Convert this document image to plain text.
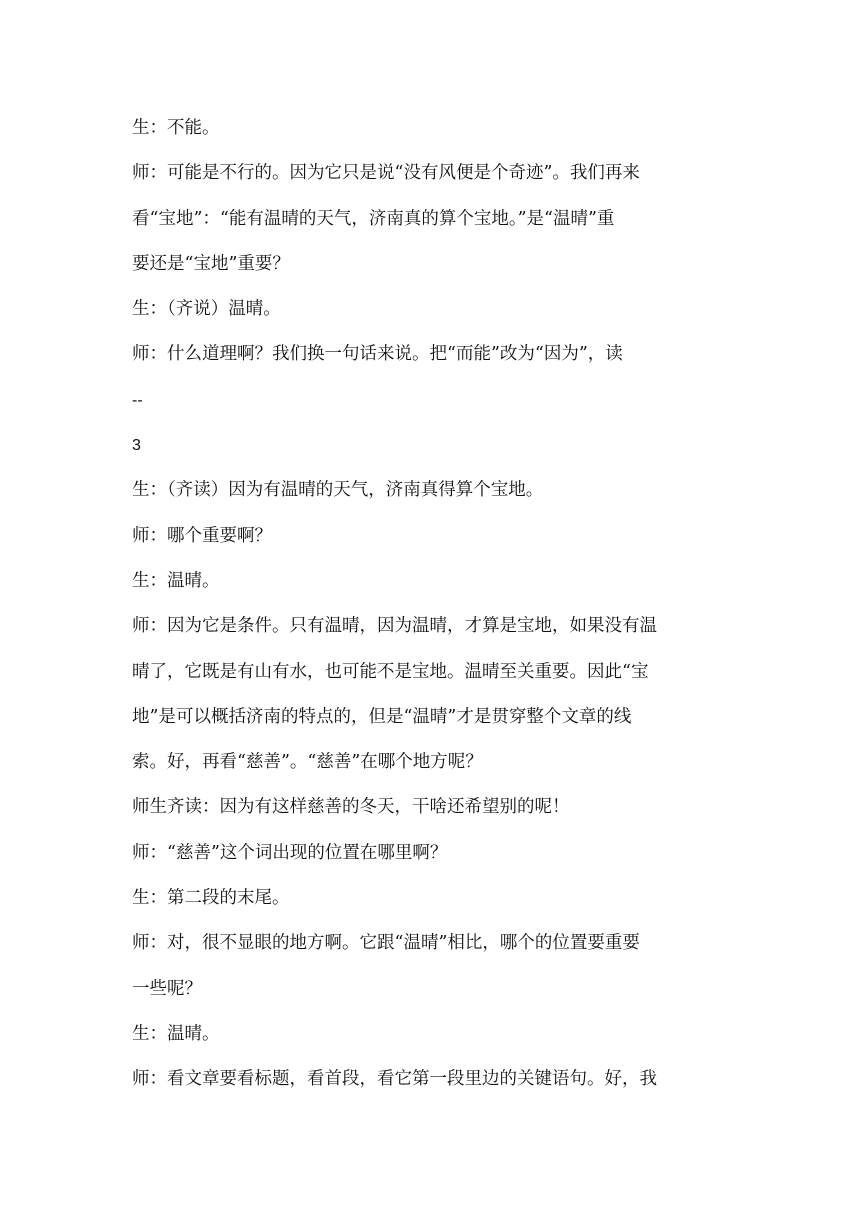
生：不能。
师：可能是不行的。因为它只是说“没有风便是个奇迹”。我们再来
看“宝地”：“能有温晴的天气，济南真的算个宝地。”是“温晴”重
要还是“宝地”重要？
生：（齐说）温晴。
师：什么道理啊？我们换一句话来说。把“而能”改为“因为”，读
--
3
生：（齐读）因为有温晴的天气，济南真得算个宝地。
师：哪个重要啊？
生：温晴。
师：因为它是条件。只有温晴，因为温晴，才算是宝地，如果没有温
晴了，它既是有山有水，也可能不是宝地。温晴至关重要。因此“宝
地”是可以概括济南的特点的，但是“温晴”才是贯穿整个文章的线
索。好，再看“慈善”。“慈善”在哪个地方呢？
师生齐读：因为有这样慈善的冬天，干啥还希望别的呢！
师：“慈善”这个词出现的位置在哪里啊？
生：第二段的末尾。
师：对，很不显眼的地方啊。它跟“温晴”相比，哪个的位置要重要
一些呢？
生：温晴。
师：看文章要看标题，看首段，看它第一段里边的关键语句。好，我
